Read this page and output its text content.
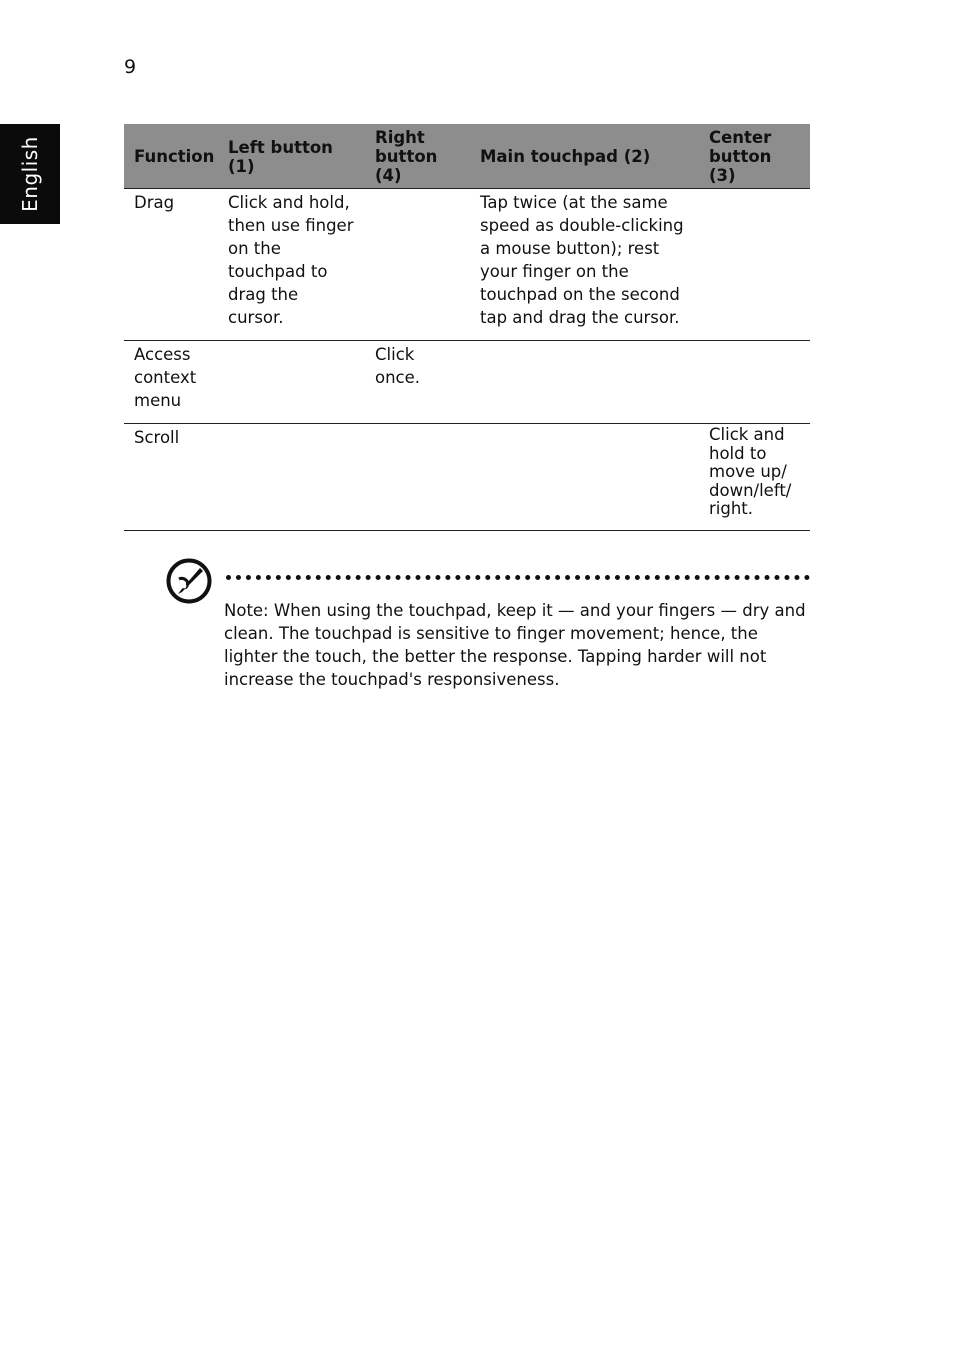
9
English	Function	Left button (1)	Right button (4)	Main touchpad (2)	Center button (3)
Drag	Click and hold, then use finger on the touchpad to drag the cursor.		Tap twice (at the same speed as double-clicking a mouse button); rest your finger on the touchpad on the second tap and drag the cursor.	
Access context menu		Click once.		
Scroll				Click and hold to move up/ down/left/ right.
Note: When using the touchpad, keep it — and your fingers — dry and clean. The touchpad is sensitive to finger movement; hence, the lighter the touch, the better the response. Tapping harder will not increase the touchpad's responsiveness.
